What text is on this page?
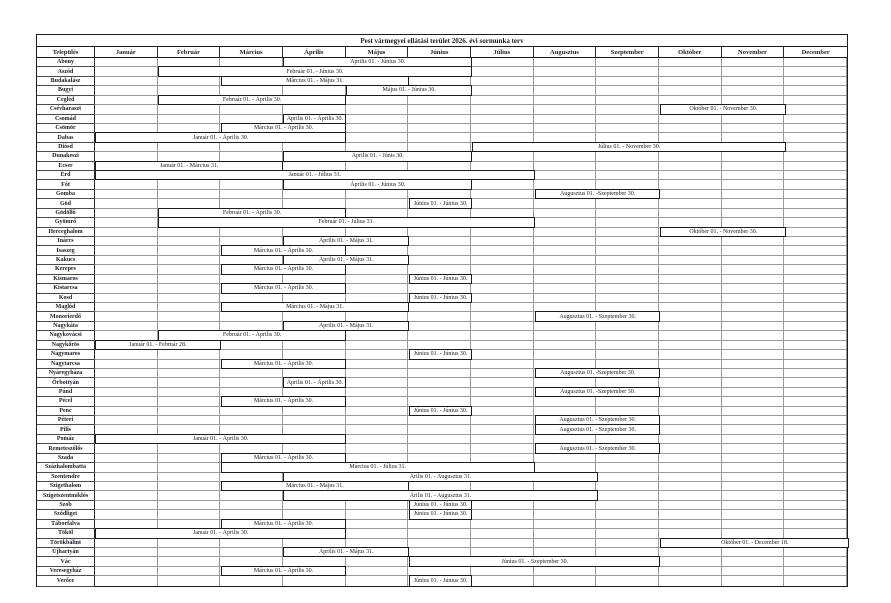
Pest vármegyei ellátási terület 2026. évi sormunka terv
Település	Január	Február	Március	Április	Május	Június	Július	Augusztus	Szeptember	Október	November	December
Abony	Április 01. - Június 30.
Aszód	Február 01. - Június 30.
Budakalász	Március 01. - Május 31.
Bugyi	Május 01. - Június 30.
Cegléd	Február 01. - Április 30.
Csévharaszt	Október 01. - November 30.
Csomád	Április 01. - Április 30.
Csömör	Március 01. - Április 30.
Dabas	Január 01. - Április 30.
Diósd	Július 01. - November 30.
Dunakeszi	Április 01. - Júnis 30.
Ecser	Január 01. - Március 31.
Érd	Január 01. - Július 31.
Fót	Április 01. - Június 30.
Gomba	Augusztus 01. -Szeptember 30.
Göd	Június 01. - Június 30.
Gödöllő	Február 01. - Április 30.
Gyömrő	Február 01. - Július 31.
Herceghalom	Október 01. - November 30.
Inárcs	Április 01. - Május 31.
Isaszeg	Március 01. - Április 30.
Kakucs	Április 01. - Május 31.
Kerepes	Március 01. - Április 30.
Kismaros	Június 01. - Június 30.
Kistarcsa	Március 01. - Április 30.
Kosd	Június 01. - Június 30.
Maglód	Március 01. - Május 31.
Monorierdő	Augusztus 01. - Szeptember 30.
Nagykáta	Április 01. - Május 31.
Nagykovácsi	Február 01. - Április 30.
Nagykőrös	Január 01. - Február 28.
Nagymaros	Június 01. - Június 30.
Nagytarcsa	Március 01. - Április 30.
Nyáregyháza	Augusztus 01. -Szeptember 30.
Őrbottyán	Április 01. - Április 30.
Pánd	Augusztus 01. -Szeptember 30.
Pécel	Március 01. - Április 30.
Penc	Június 01. - Június 30.
Péteri	Augusztus 01. - Szeptember 30.
Pilis	Augusztus 01. - Szeptember 30.
Pomáz	Január 01. - Április 30.
Remeteszőlős	Augusztus 01. - Szeptember 30.
Szada	Március 01. - Április 30.
Százhalombatta	Március 01. - Július 31.
Szentendre	Árilis 01. - Augusztus 31.
Szigethalom	Március 01. - Május 31.
Szigetszentmiklós	Árilis 01. - Augusztus 31.
Szob	Június 01. - Június 30.
Sződliget	Június 01. - Június 30.
Táborfalva	Március 01. - Április 30.
Tököl	Január 01. - Április 30.
Törökbálint	Október 01. - December 18.
Újhartyán	Április 01. - Május 31.
Vác	Június 01. - Szeptember 30.
Veresegyház	Március 01. - Április 30.
Verőce	Június 01. - Június 30.
